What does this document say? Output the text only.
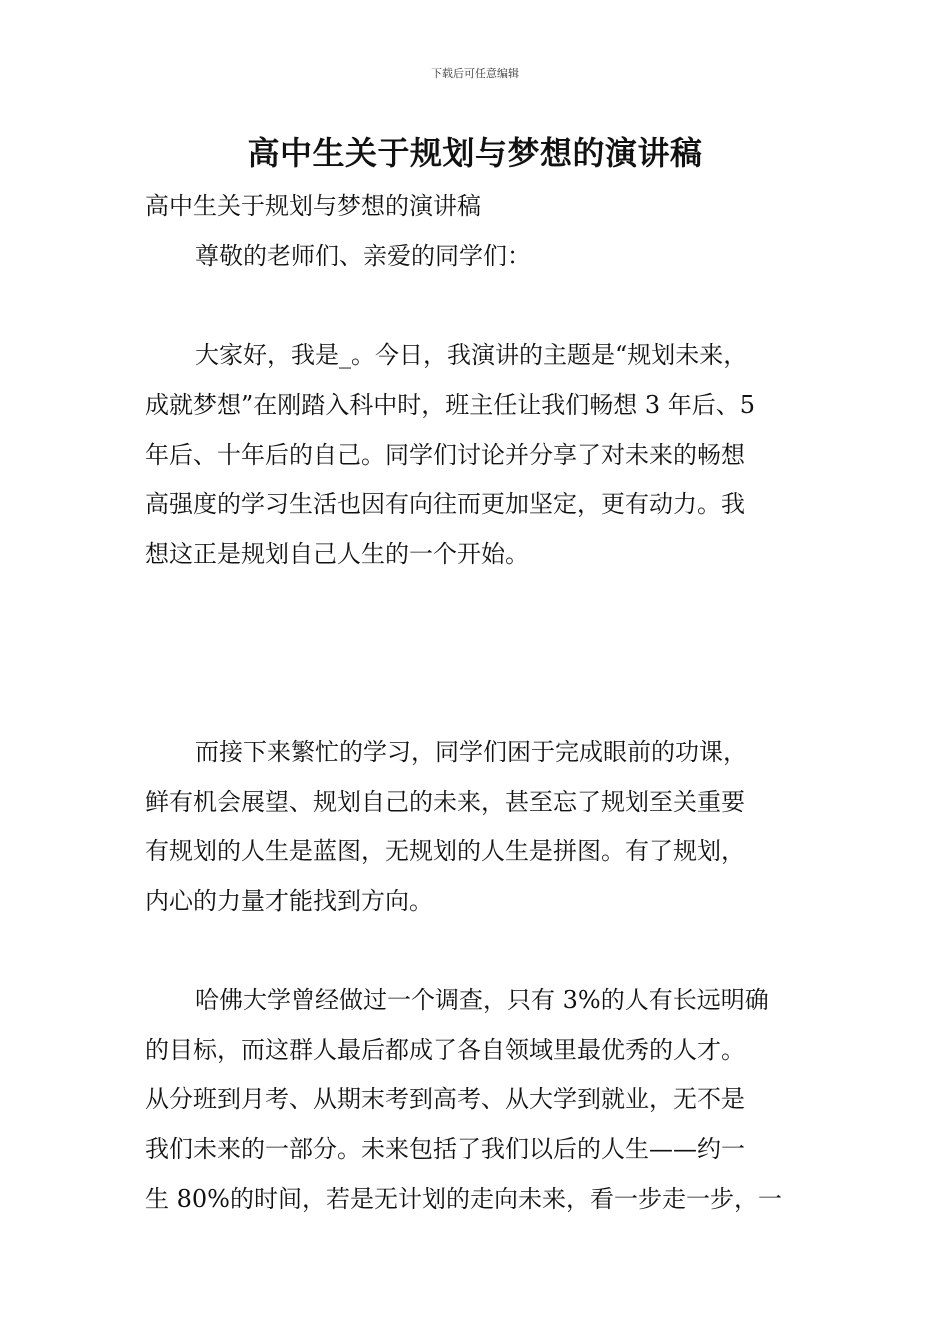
下载后可任意编辑
高中生关于规划与梦想的演讲稿
高中生关于规划与梦想的演讲稿
尊敬的老师们、亲爱的同学们：
大家好，我是_。今日，我演讲的主题是“规划未来，
成就梦想”在刚踏入科中时，班主任让我们畅想 3 年后、5
年后、十年后的自己。同学们讨论并分享了对未来的畅想
高强度的学习生活也因有向往而更加坚定，更有动力。我
想这正是规划自己人生的一个开始。
而接下来繁忙的学习，同学们困于完成眼前的功课，
鲜有机会展望、规划自己的未来，甚至忘了规划至关重要
有规划的人生是蓝图，无规划的人生是拼图。有了规划，
内心的力量才能找到方向。
哈佛大学曾经做过一个调查，只有 3%的人有长远明确
的目标，而这群人最后都成了各自领域里最优秀的人才。
从分班到月考、从期末考到高考、从大学到就业，无不是
我们未来的一部分。未来包括了我们以后的人生——约一
生 80%的时间，若是无计划的走向未来，看一步走一步，一
